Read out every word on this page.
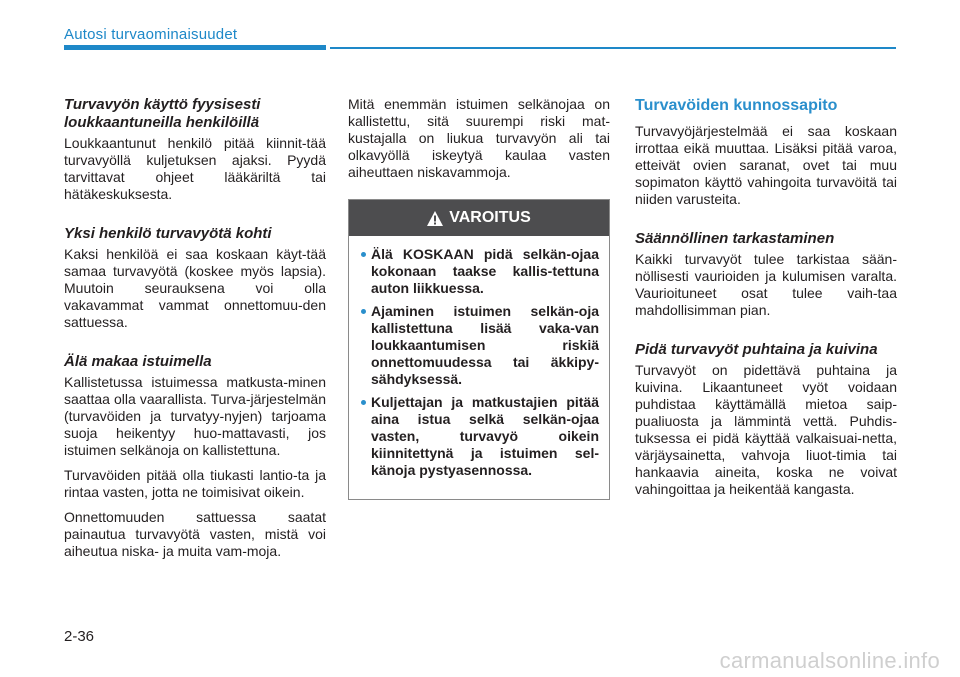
Autosi turvaominaisuudet
Turvavyön käyttö fyysisesti loukkaantuneilla henkilöillä

Loukkaantunut henkilö pitää kiinnit-tää turvavyöllä kuljetuksen ajaksi. Pyydä tarvittavat ohjeet lääkäriltä tai hätäkeskuksesta.

Yksi henkilö turvavyötä kohti

Kaksi henkilöä ei saa koskaan käyt-tää samaa turvavyötä (koskee myös lapsia). Muutoin seurauksena voi olla vakavammat vammat onnettomuu-den sattuessa.

Älä makaa istuimella

Kallistetussa istuimessa matkusta-minen saattaa olla vaarallista. Turva-järjestelmän (turvavöiden ja turvatyy-nyjen) tarjoama suoja heikentyy huo-mattavasti, jos istuimen selkänoja on kallistettuna.

Turvavöiden pitää olla tiukasti lantio-ta ja rintaa vasten, jotta ne toimisivat oikein.

Onnettomuuden sattuessa saatat painautua turvavyötä vasten, mistä voi aiheutua niska- ja muita vam-moja.

Mitä enemmän istuimen selkänojaa on kallistettu, sitä suurempi riski mat-kustajalla on liukua turvavyön ali tai olkavyöllä iskeytyä kaulaa vasten aiheuttaen niskavammoja.

VAROITUS
Älä KOSKAAN pidä selkän-ojaa kokonaan taakse kallis-tettuna auton liikkuessa.
Ajaminen istuimen selkän-oja kallistettuna lisää vaka-van loukkaantumisen riskiä onnettomuudessa tai äkkipy-sähdyksessä.
Kuljettajan ja matkustajien pitää aina istua selkä selkän-ojaa vasten, turvavyö oikein kiinnitettynä ja istuimen sel-känoja pystyasennossa.
Turvavöiden kunnossapito

Turvavyöjärjestelmää ei saa koskaan irrottaa eikä muuttaa. Lisäksi pitää varoa, etteivät ovien saranat, ovet tai muu sopimaton käyttö vahingoita turvavöitä tai niiden varusteita.

Säännöllinen tarkastaminen

Kaikki turvavyöt tulee tarkistaa sään-nöllisesti vaurioiden ja kulumisen varalta. Vaurioituneet osat tulee vaih-taa mahdollisimman pian.

Pidä turvavyöt puhtaina ja kuivina

Turvavyöt on pidettävä puhtaina ja kuivina. Likaantuneet vyöt voidaan puhdistaa käyttämällä mietoa saip-pualiuosta ja lämmintä vettä. Puhdis-tuksessa ei pidä käyttää valkaisuai-netta, värjäysainetta, vahvoja liuot-timia tai hankaavia aineita, koska ne voivat vahingoittaa ja heikentää kangasta.

2-36
carmanualsonline.info
